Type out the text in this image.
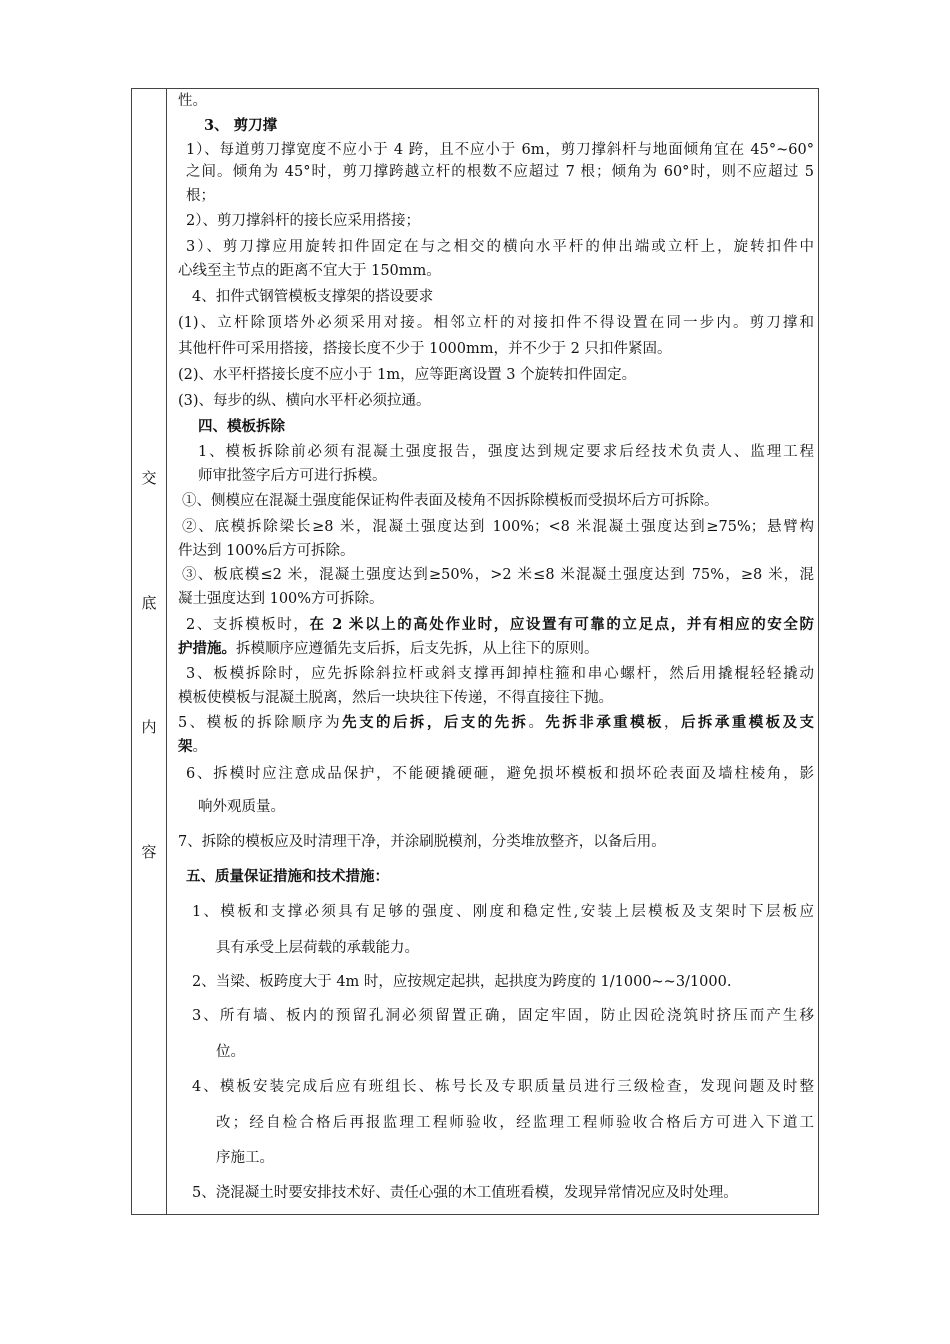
交
底
内
容
性。
3、 剪刀撑
1）、每道剪刀撑宽度不应小于 4 跨，且不应小于 6m，剪刀撑斜杆与地面倾角宜在 45°~60°
之间。倾角为 45°时，剪刀撑跨越立杆的根数不应超过 7 根；倾角为 60°时，则不应超过 5
根；
2）、剪刀撑斜杆的接长应采用搭接；
3）、剪刀撑应用旋转扣件固定在与之相交的横向水平杆的伸出端或立杆上，旋转扣件中
心线至主节点的距离不宜大于 150mm。
4、扣件式钢管模板支撑架的搭设要求
(1)、立杆除顶塔外必须采用对接。相邻立杆的对接扣件不得设置在同一步内。剪刀撑和
其他杆件可采用搭接，搭接长度不少于 1000mm，并不少于 2 只扣件紧固。
(2)、水平杆搭接长度不应小于 1m，应等距离设置 3 个旋转扣件固定。
(3)、每步的纵、横向水平杆必须拉通。
四、模板拆除
1、模板拆除前必须有混凝土强度报告，强度达到规定要求后经技术负责人、监理工程
师审批签字后方可进行拆模。
①、侧模应在混凝土强度能保证构件表面及棱角不因拆除模板而受损坏后方可拆除。
②、底模拆除梁长≥8 米，混凝土强度达到 100%；<8 米混凝土强度达到≥75%；悬臂构
件达到 100%后方可拆除。
③、板底模≤2 米，混凝土强度达到≥50%，>2 米≤8 米混凝土强度达到 75%，≥8 米，混
凝土强度达到 100%方可拆除。
2、支拆模板时，在 2 米以上的高处作业时，应设置有可靠的立足点，并有相应的安全防
护措施。拆模顺序应遵循先支后拆，后支先拆，从上往下的原则。
3、板模拆除时，应先拆除斜拉杆或斜支撑再卸掉柱箍和串心螺杆，然后用撬棍轻轻撬动
模板使模板与混凝土脱离，然后一块块往下传递，不得直接往下抛。
5、模板的拆除顺序为先支的后拆，后支的先拆。先拆非承重模板，后拆承重模板及支
架。
6、拆模时应注意成品保护，不能硬撬硬砸，避免损坏模板和损坏砼表面及墙柱棱角，影
响外观质量。
7、拆除的模板应及时清理干净，并涂刷脱模剂，分类堆放整齐，以备后用。
五、质量保证措施和技术措施：
1、模板和支撑必须具有足够的强度、刚度和稳定性,安装上层模板及支架时下层板应
具有承受上层荷载的承载能力。
2、当梁、板跨度大于 4m 时，应按规定起拱，起拱度为跨度的 1/1000~~3/1000.
3、所有墙、板内的预留孔洞必须留置正确，固定牢固，防止因砼浇筑时挤压而产生移
位。
4、模板安装完成后应有班组长、栋号长及专职质量员进行三级检查，发现问题及时整
改；经自检合格后再报监理工程师验收，经监理工程师验收合格后方可进入下道工
序施工。
5、浇混凝土时要安排技术好、责任心强的木工值班看模，发现异常情况应及时处理。
